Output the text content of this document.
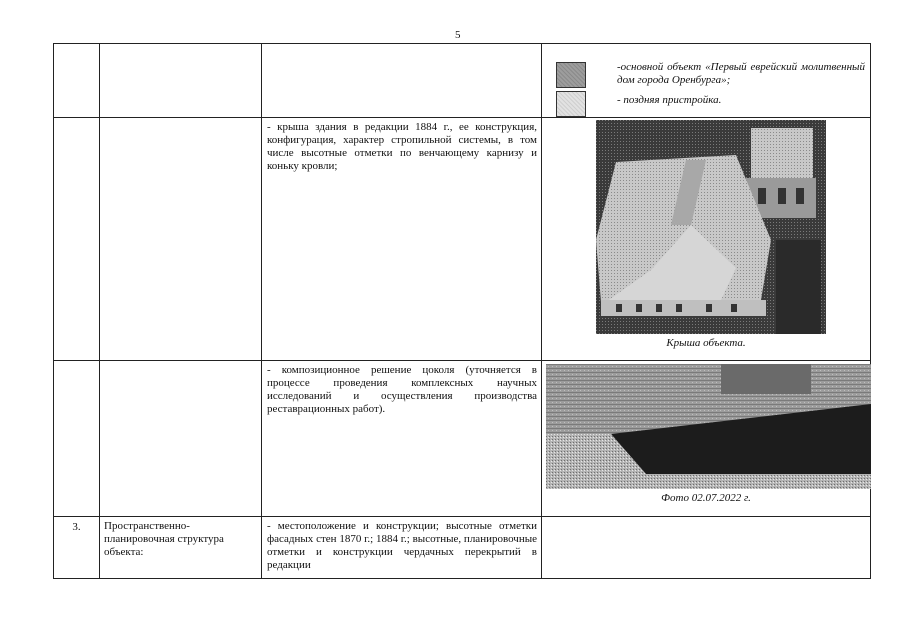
5

			-основной объект «Первый еврейский молитвенный дом города Оренбурга»;
- поздняя пристройка.

		- крыша здания в редакции 1884 г., ее конструкция, конфигурация, характер стропильной системы, в том числе высотные отметки по венчающему карнизу и коньку кровли;	Крыша объекта.

		- композиционное решение цоколя (уточняется в процессе проведения комплексных научных исследований и осуществления производства реставрационных работ).	Фото 02.07.2022 г.

3.	Пространственно-планировочная структура объекта:	- местоположение и конструкции; высотные отметки фасадных стен 1870 г.; 1884 г.; высотные, планировочные отметки и конструкции чердачных перекрытий в редакции	
